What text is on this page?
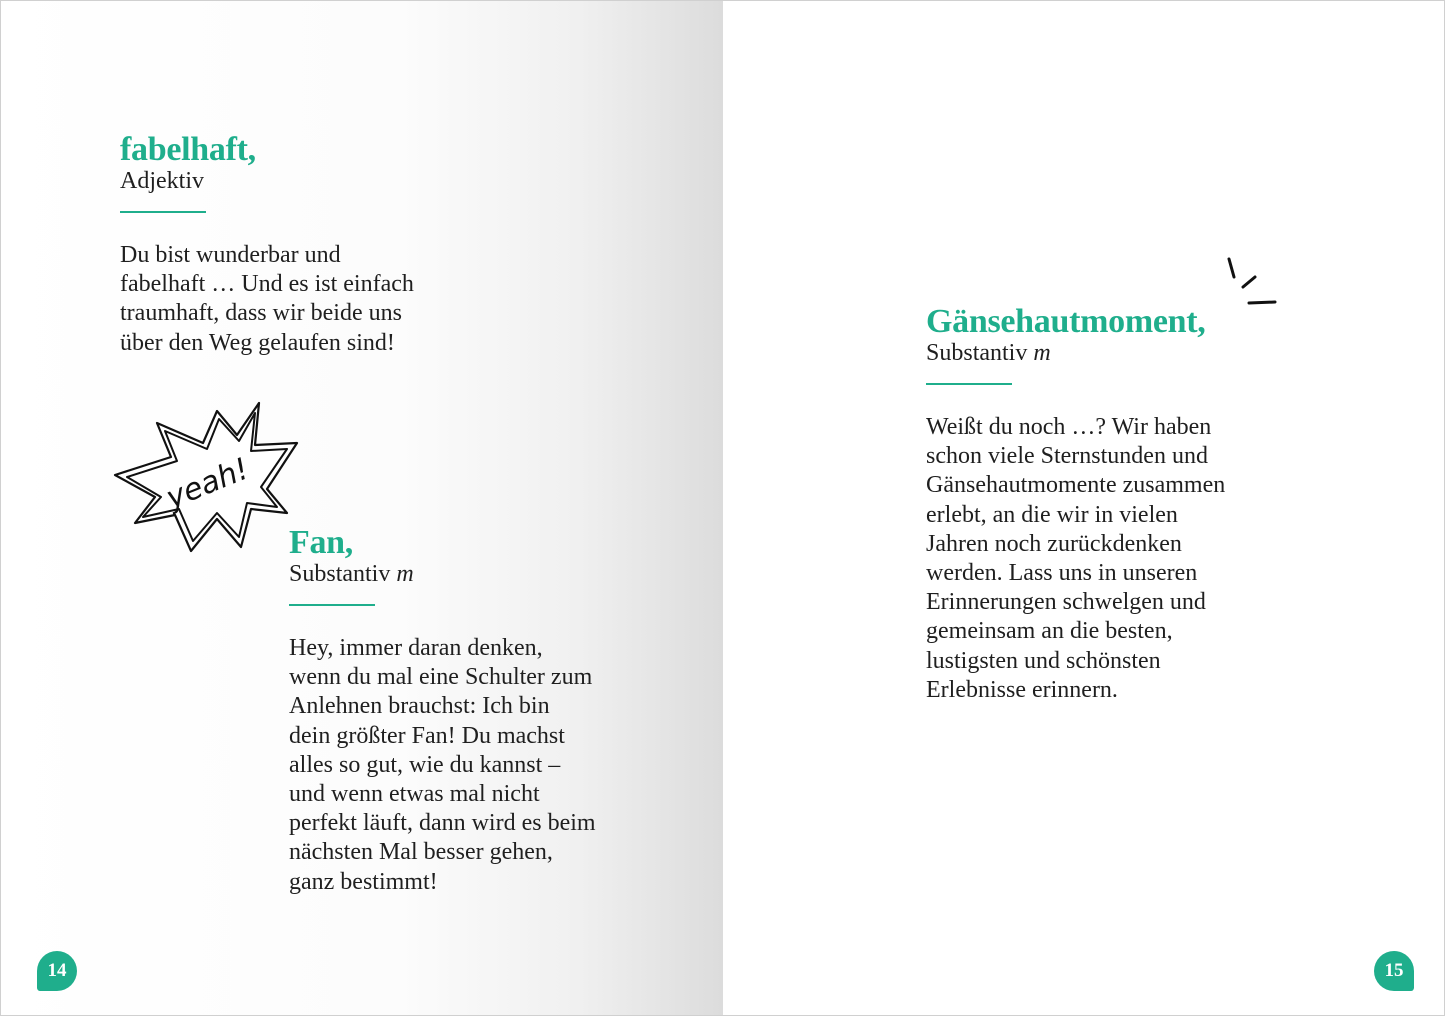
fabelhaft,
Adjektiv

Du bist wunderbar und
fabelhaft … Und es ist einfach
traumhaft, dass wir beide uns
über den Weg gelaufen sind!

yeah!
Fan,
Substantiv m

Hey, immer daran denken,
wenn du mal eine Schulter zum
Anlehnen brauchst: Ich bin
dein größter Fan! Du machst
alles so gut, wie du kannst –
und wenn etwas mal nicht
perfekt läuft, dann wird es beim
nächsten Mal besser gehen,
ganz bestimmt!

14
Gänsehautmoment,
Substantiv m

Weißt du noch …? Wir haben
schon viele Sternstunden und
Gänsehautmomente zusammen
erlebt, an die wir in vielen
Jahren noch zurückdenken
werden. Lass uns in unseren
Erinnerungen schwelgen und
gemeinsam an die besten,
lustigsten und schönsten
Erlebnisse erinnern.

15
